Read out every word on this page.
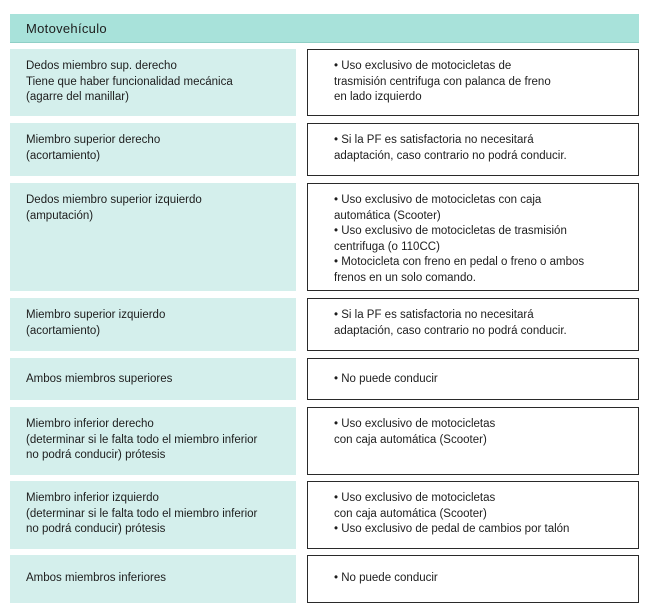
Motovehículo
Dedos miembro sup. derecho
Tiene que haber funcionalidad mecánica
(agarre del manillar)
• Uso exclusivo de motocicletas de
trasmisión centrifuga con palanca de freno
en lado izquierdo
Miembro superior derecho
(acortamiento)
• Si la PF es satisfactoria no necesitará
adaptación, caso contrario no podrá conducir.
Dedos miembro superior izquierdo
(amputación)
• Uso exclusivo de motocicletas con caja
automática (Scooter)
• Uso exclusivo de motocicletas de trasmisión
centrifuga (o 110CC)
• Motocicleta con freno en pedal o freno o ambos
frenos en un solo comando.
Miembro superior izquierdo
(acortamiento)
• Si la PF es satisfactoria no necesitará
adaptación, caso contrario no podrá conducir.
Ambos miembros superiores	• No puede conducir
Miembro inferior derecho
(determinar si le falta todo el miembro inferior
no podrá conducir) prótesis
• Uso exclusivo de motocicletas
con caja automática (Scooter)
Miembro inferior izquierdo
(determinar si le falta todo el miembro inferior
no podrá conducir) prótesis
• Uso exclusivo de motocicletas
con caja automática (Scooter)
• Uso exclusivo de pedal de cambios por talón
Ambos miembros inferiores	• No puede conducir
